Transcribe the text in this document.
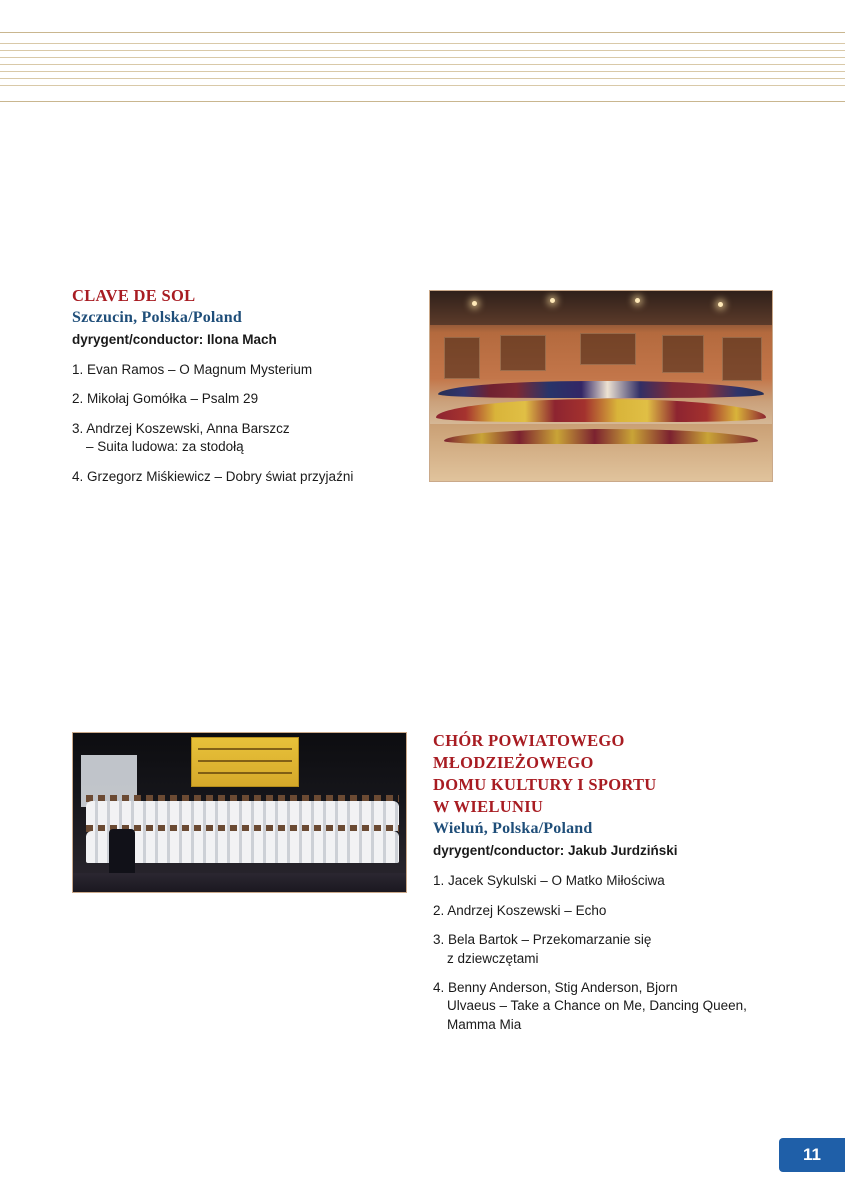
CLAVE DE SOL
Szczucin, Polska/Poland
dyrygent/conductor: Ilona Mach
1. Evan Ramos – O Magnum Mysterium
2. Mikołaj Gomółka – Psalm 29
3. Andrzej Koszewski, Anna Barszcz
– Suita ludowa: za stodołą
4. Grzegorz Miśkiewicz – Dobry świat przyjaźni
CHÓR POWIATOWEGO
MŁODZIEŻOWEGO
DOMU KULTURY I SPORTU
W WIELUNIU
Wieluń, Polska/Poland
dyrygent/conductor: Jakub Jurdziński
1. Jacek Sykulski – O Matko Miłościwa
2. Andrzej Koszewski – Echo
3. Bela Bartok – Przekomarzanie się
z dziewczętami
4. Benny Anderson, Stig Anderson, Bjorn
Ulvaeus – Take a Chance on Me, Dancing Queen, Mamma Mia
11
